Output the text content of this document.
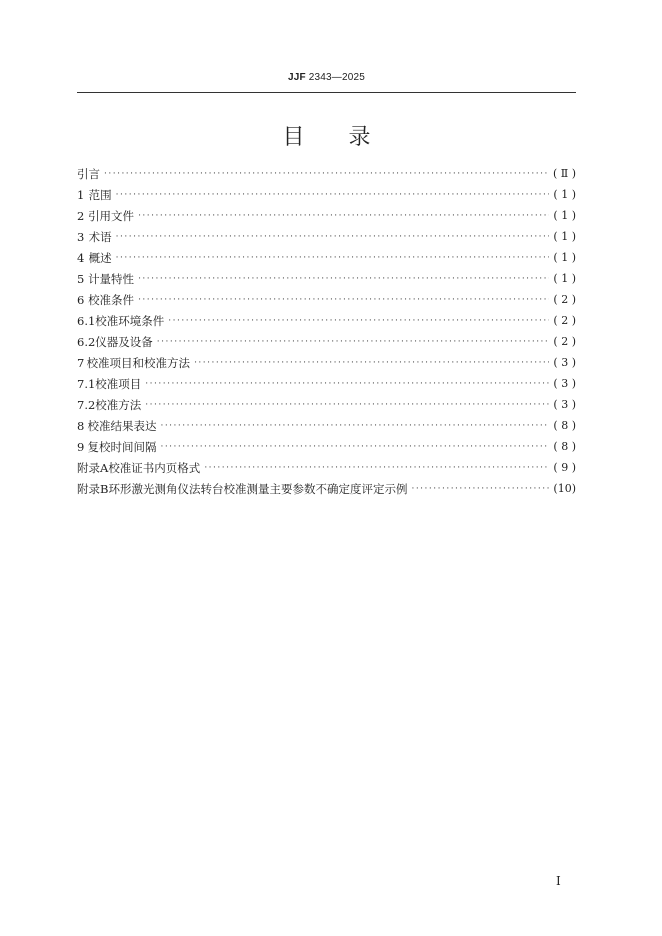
JJF 2343—2025
目录
引言 ·····	( Ⅱ )
1 范围 ·····	( 1 )
2 引用文件 ·····	( 1 )
3 术语 ·····	( 1 )
4 概述 ·····	( 1 )
5 计量特性 ·····	( 1 )
6 校准条件 ·····	( 2 )
6.1 校准环境条件 ·····	( 2 )
6.2 仪器及设备 ·····	( 2 )
7 校准项目和校准方法 ·····	( 3 )
7.1 校准项目 ·····	( 3 )
7.2 校准方法 ·····	( 3 )
8 校准结果表达 ·····	( 8 )
9 复校时间间隔 ·····	( 8 )
附录A 校准证书内页格式 ·····	( 9 )
附录B 环形激光测角仪法转台校准测量主要参数不确定度评定示例 ·····	(10)
I
